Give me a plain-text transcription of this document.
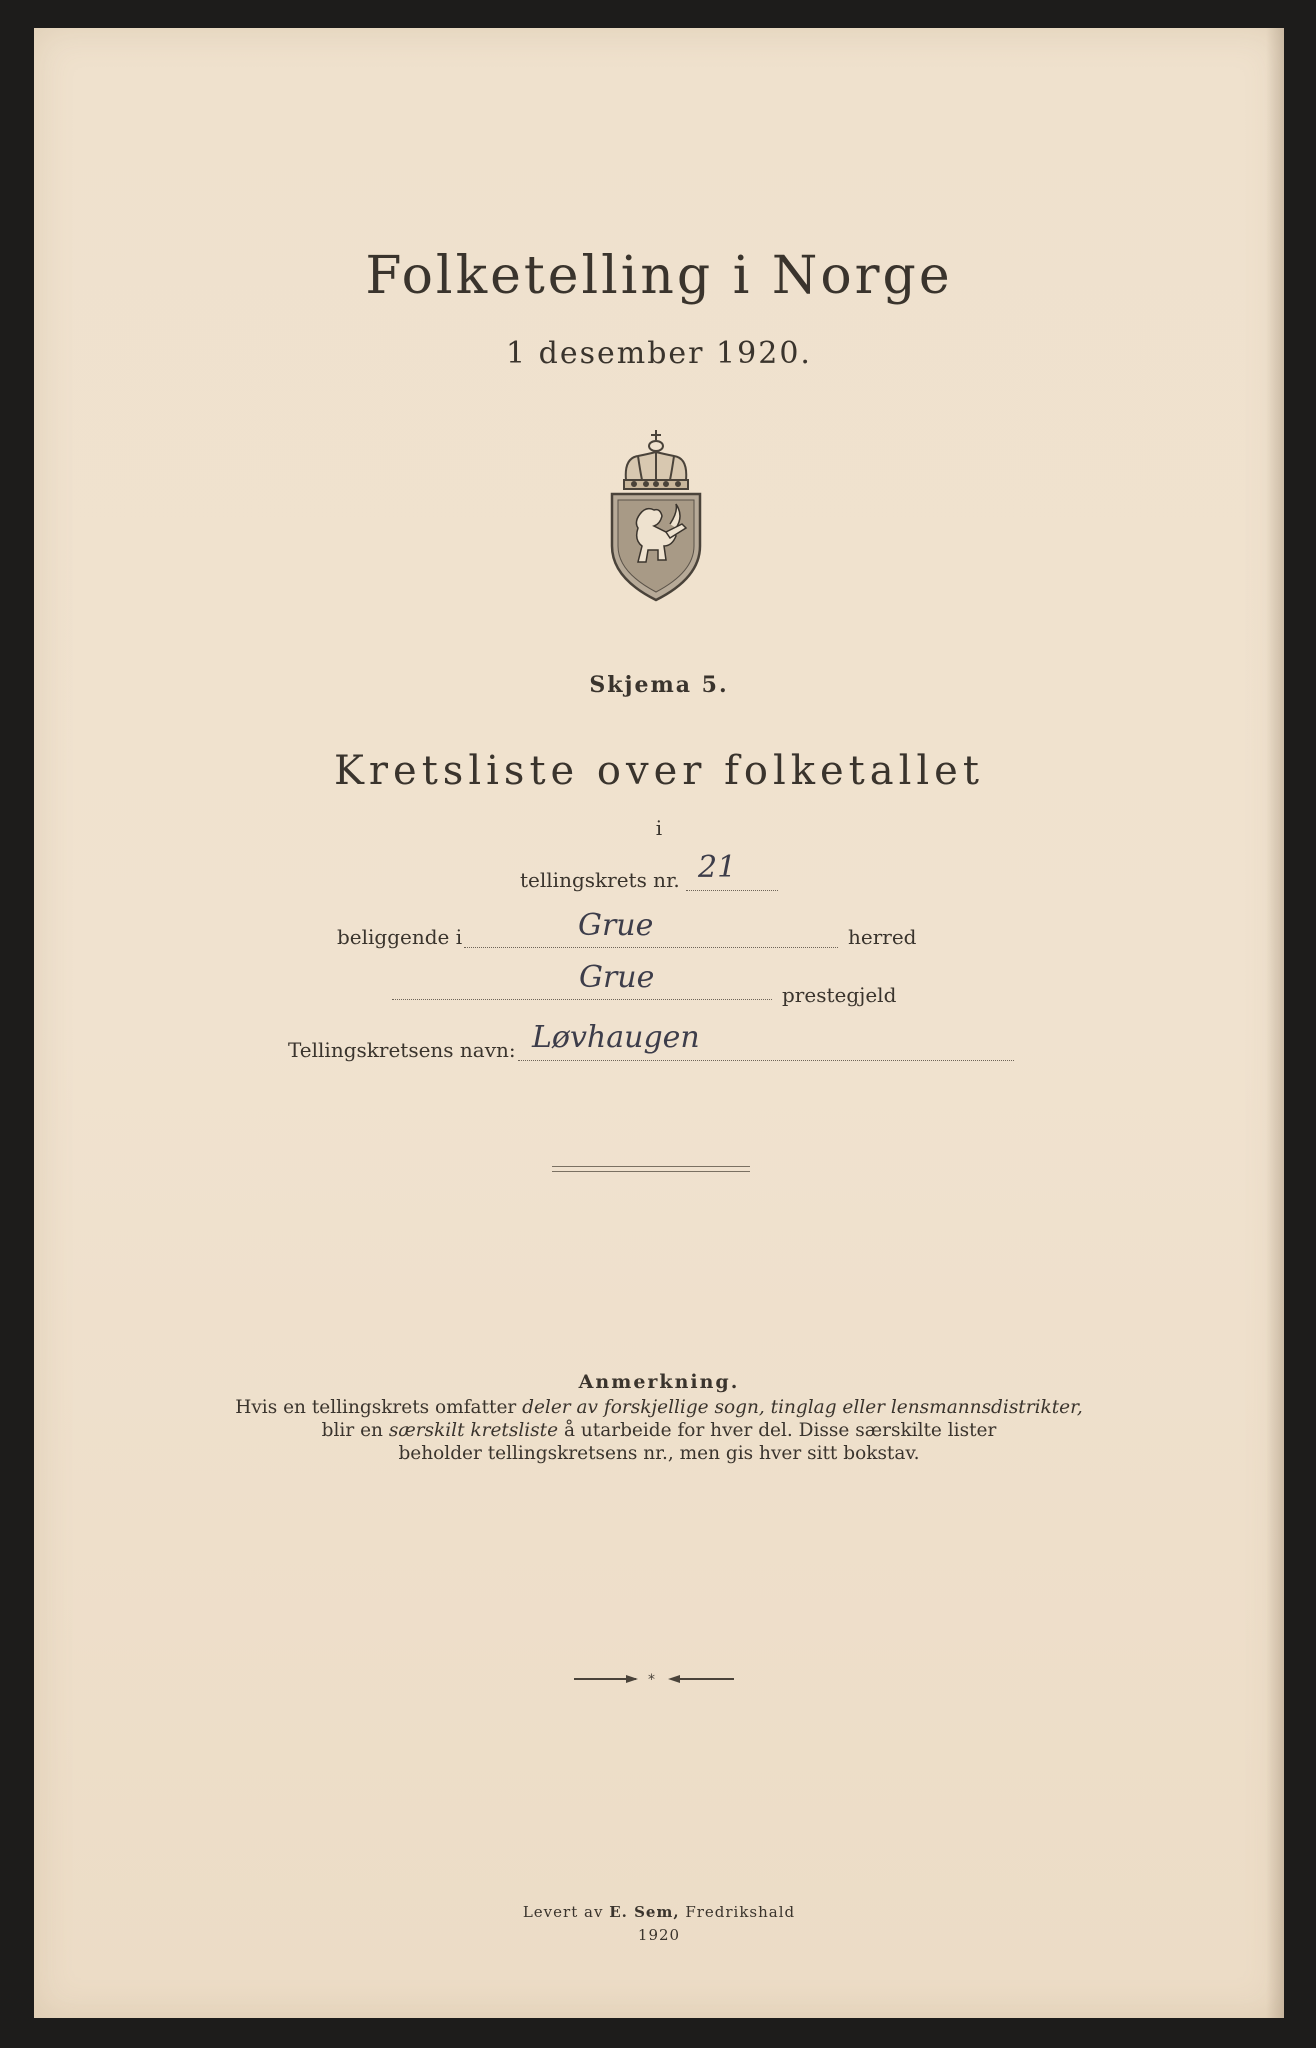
Folketelling i Norge
1 desember 1920.
Skjema 5.
Kretsliste over folketallet
i
tellingskrets nr. 21
beliggende i	Grue	herred
Grue	prestegjeld
Tellingskretsens navn: Løvhaugen
Anmerkning.
Hvis en tellingskrets omfatter deler av forskjellige sogn, tinglag eller lensmannsdistrikter,
blir en særskilt kretsliste å utarbeide for hver del. Disse særskilte lister
beholder tellingskretsens nr., men gis hver sitt bokstav.
*
Levert av E. Sem, Fredrikshald
1920
